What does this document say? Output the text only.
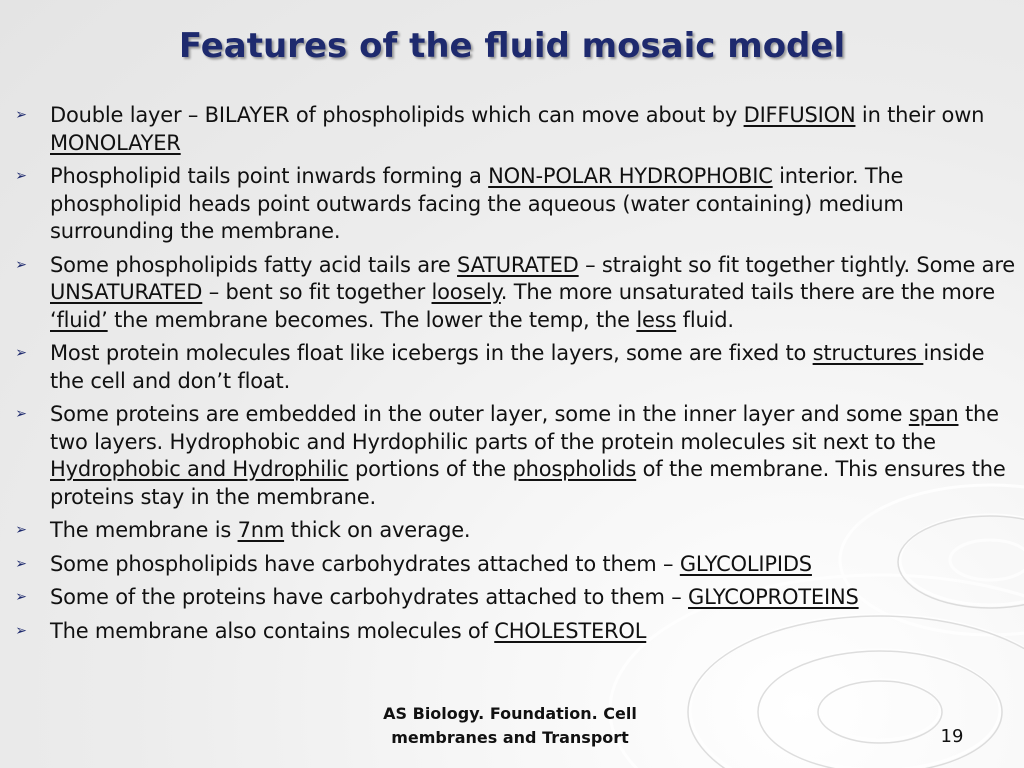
Features of the fluid mosaic model
➢ Double layer – BILAYER of phospholipids which can move about by DIFFUSION in their own MONOLAYER
➢ Phospholipid tails point inwards forming a NON-POLAR HYDROPHOBIC interior. The phospholipid heads point outwards facing the aqueous (water containing) medium surrounding the membrane.
➢ Some phospholipids fatty acid tails are SATURATED – straight so fit together tightly. Some are UNSATURATED – bent so fit together loosely. The more unsaturated tails there are the more ‘fluid’ the membrane becomes. The lower the temp, the less fluid.
➢ Most protein molecules float like icebergs in the layers, some are fixed to structures inside the cell and don’t float.
➢ Some proteins are embedded in the outer layer, some in the inner layer and some span the two layers. Hydrophobic and Hyrdophilic parts of the protein molecules sit next to the Hydrophobic and Hydrophilic portions of the phospholids of the membrane. This ensures the proteins stay in the membrane.
➢ The membrane is 7nm thick on average.
➢ Some phospholipids have carbohydrates attached to them – GLYCOLIPIDS
➢ Some of the proteins have carbohydrates attached to them – GLYCOPROTEINS
➢ The membrane also contains molecules of CHOLESTEROL
AS Biology. Foundation. Cell
membranes and Transport	19
